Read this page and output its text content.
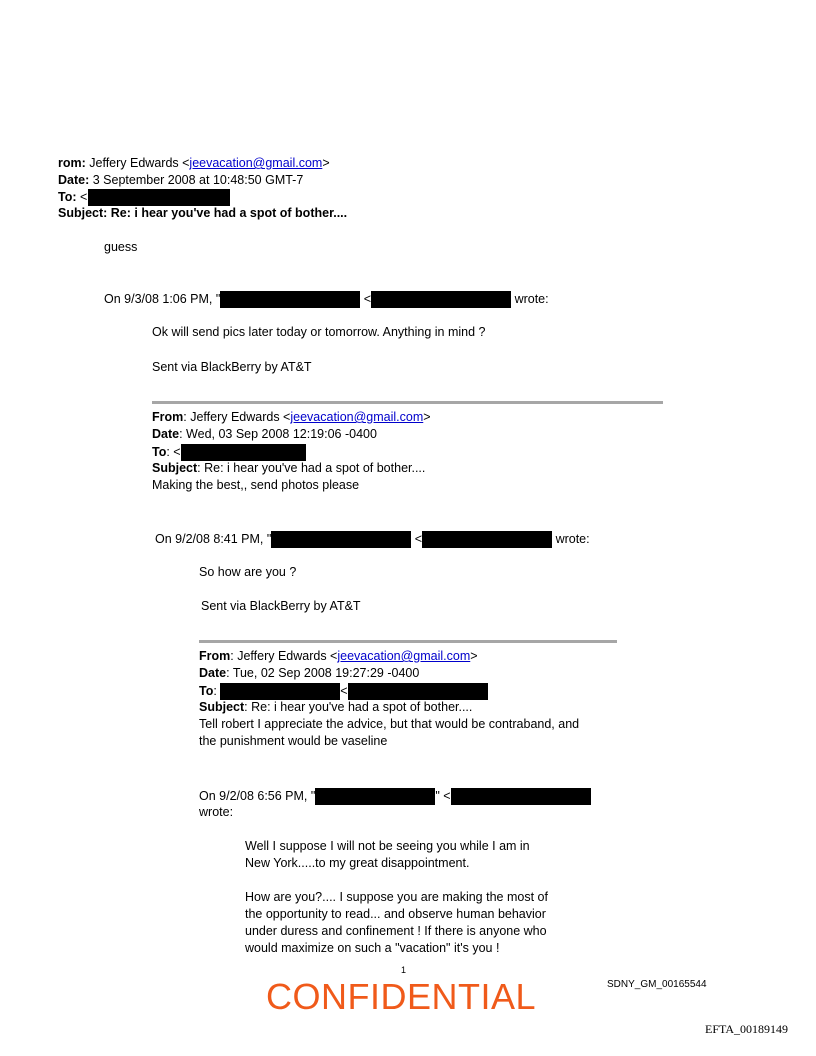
rom: Jeffery Edwards <jeevacation@gmail.com>
Date: 3 September 2008 at 10:48:50 GMT-7
To: <
Subject: Re: i hear you've had a spot of bother....
guess
On 9/3/08 1:06 PM, "	<	wrote:
Ok will send pics later today or tomorrow. Anything in mind ?
Sent via BlackBerry by AT&T
From: Jeffery Edwards <jeevacation@gmail.com>
Date: Wed, 03 Sep 2008 12:19:06 -0400
To: <
Subject: Re: i hear you've had a spot of bother....
Making the best,, send photos please
On 9/2/08 8:41 PM, "	<	wrote:
So how are you ?
Sent via BlackBerry by AT&T
From: Jeffery Edwards <jeevacation@gmail.com>
Date: Tue, 02 Sep 2008 19:27:29 -0400
To:	<
Subject: Re: i hear you've had a spot of bother....
Tell robert I appreciate the advice, but that would be contraband, and
the punishment would be vaseline
On 9/2/08 6:56 PM, "	" <
wrote:
Well I suppose I will not be seeing you while I am in
New York.....to my great disappointment.
How are you?.... I suppose you are making the most of
the opportunity to read... and observe human behavior
under duress and confinement ! If there is anyone who
would maximize on such a "vacation" it's you !
1
CONFIDENTIAL	SDNY_GM_00165544
EFTA_00189149
